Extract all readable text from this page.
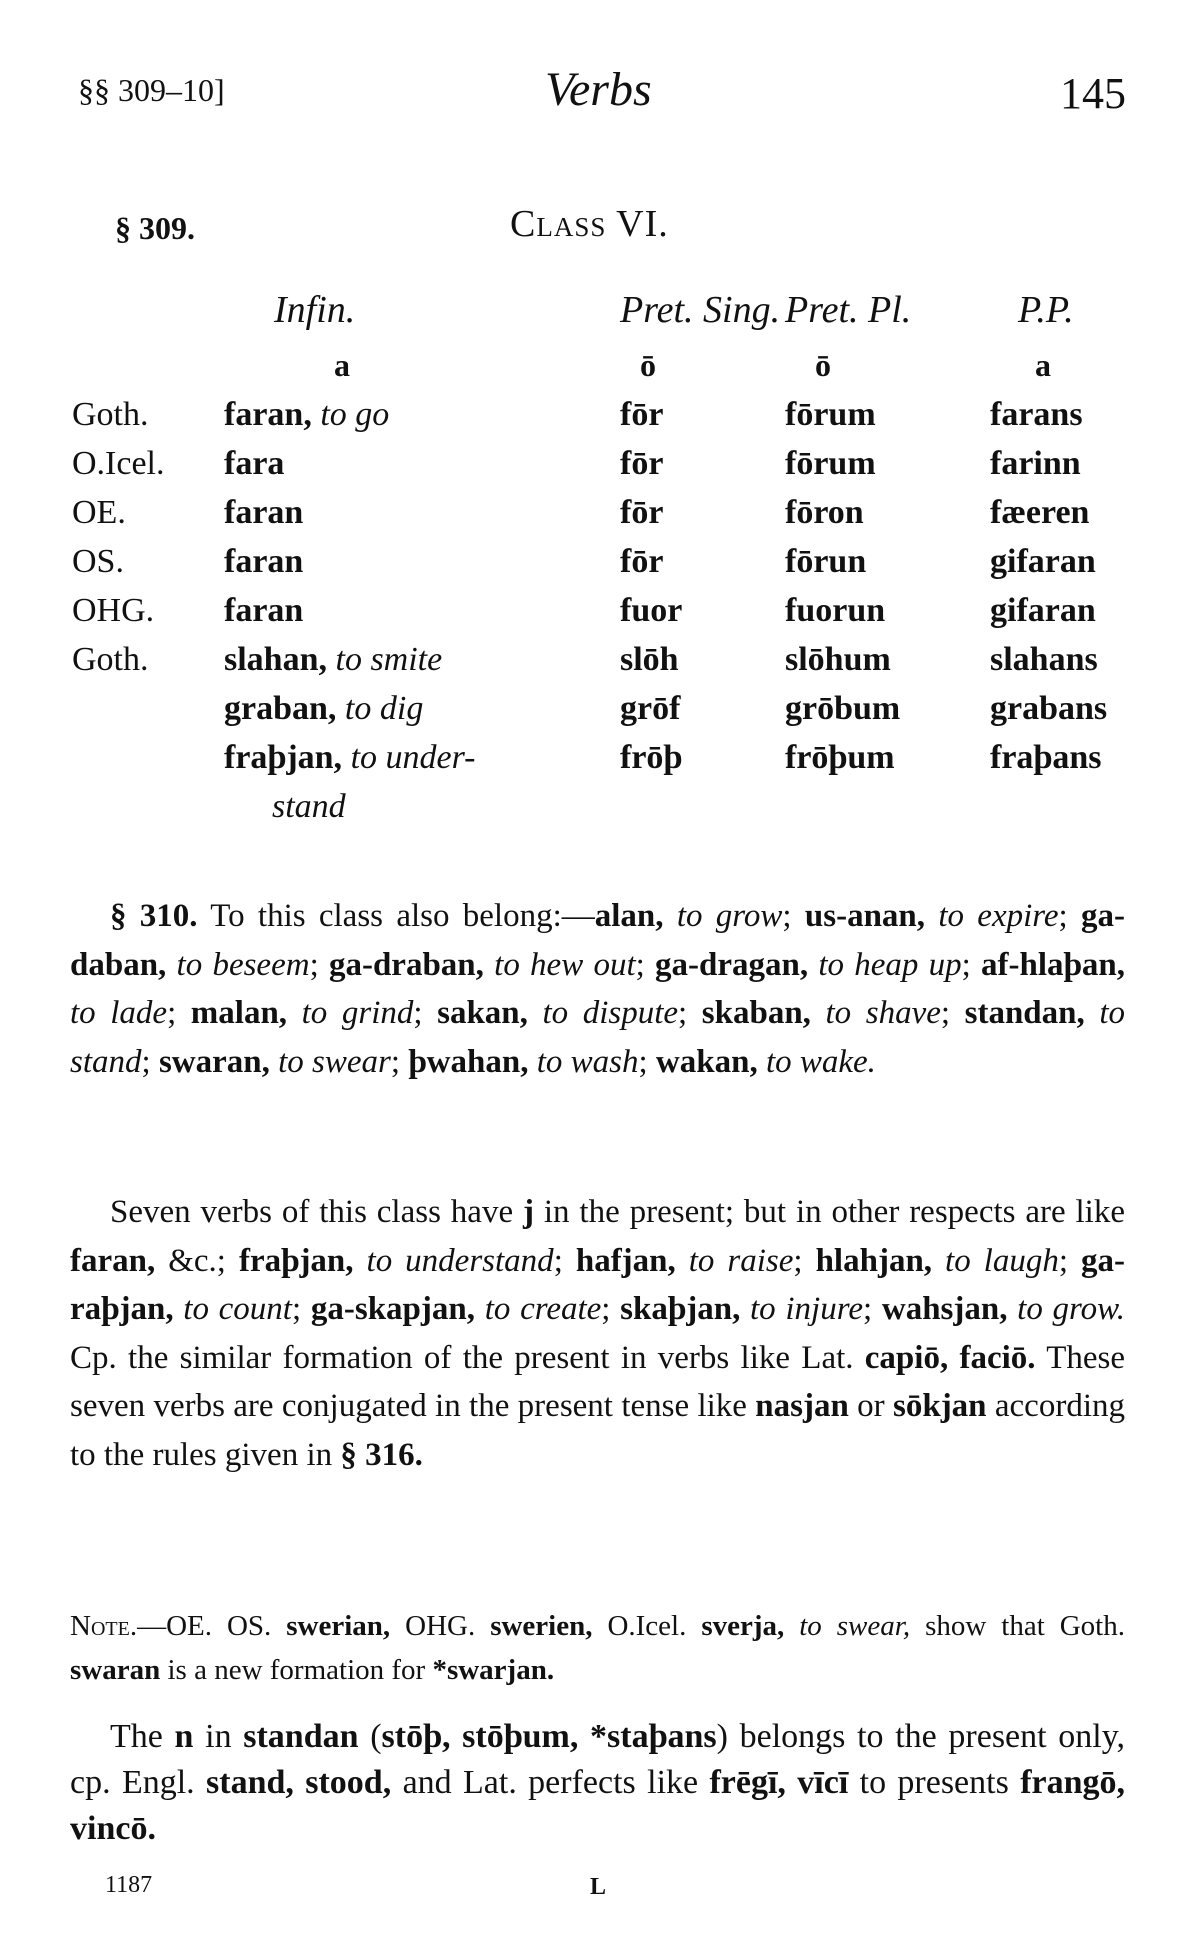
§§ 309–10]	Verbs	145
§ 309.	Class VI.
	Infin.	Pret. Sing.	Pret. Pl.	P.P.
	a	ō	ō	a
Goth.	faran, to go	fōr	fōrum	farans
O.Icel.	fara	fōr	fōrum	farinn
OE.	faran	fōr	fōron	fæeren
OS.	faran	fōr	fōrun	gifaran
OHG.	faran	fuor	fuorun	gifaran
Goth.	slahan, to smite	slōh	slōhum	slahans
	graban, to dig	grōf	grōbum	grabans
	fraþjan, to under-	frōþ	frōþum	fraþans
	stand			
§ 310. To this class also belong:—alan, to grow; us-anan, to expire; ga-daban, to beseem; ga-draban, to hew out; ga-dragan, to heap up; af-hlaþan, to lade; malan, to grind; sakan, to dispute; skaban, to shave; standan, to stand; swaran, to swear; þwahan, to wash; wakan, to wake.
Seven verbs of this class have j in the present; but in other respects are like faran, &c.; fraþjan, to understand; hafjan, to raise; hlahjan, to laugh; ga-raþjan, to count; ga-skapjan, to create; skaþjan, to injure; wahsjan, to grow. Cp. the similar formation of the present in verbs like Lat. capiō, faciō. These seven verbs are conjugated in the present tense like nasjan or sōkjan according to the rules given in § 316.
Note.—OE. OS. swerian, OHG. swerien, O.Icel. sverja, to swear, show that Goth. swaran is a new formation for *swarjan.
The n in standan (stōþ, stōþum, *staþans) belongs to the present only, cp. Engl. stand, stood, and Lat. perfects like frēgī, vīcī to presents frangō, vincō.
1187	L
